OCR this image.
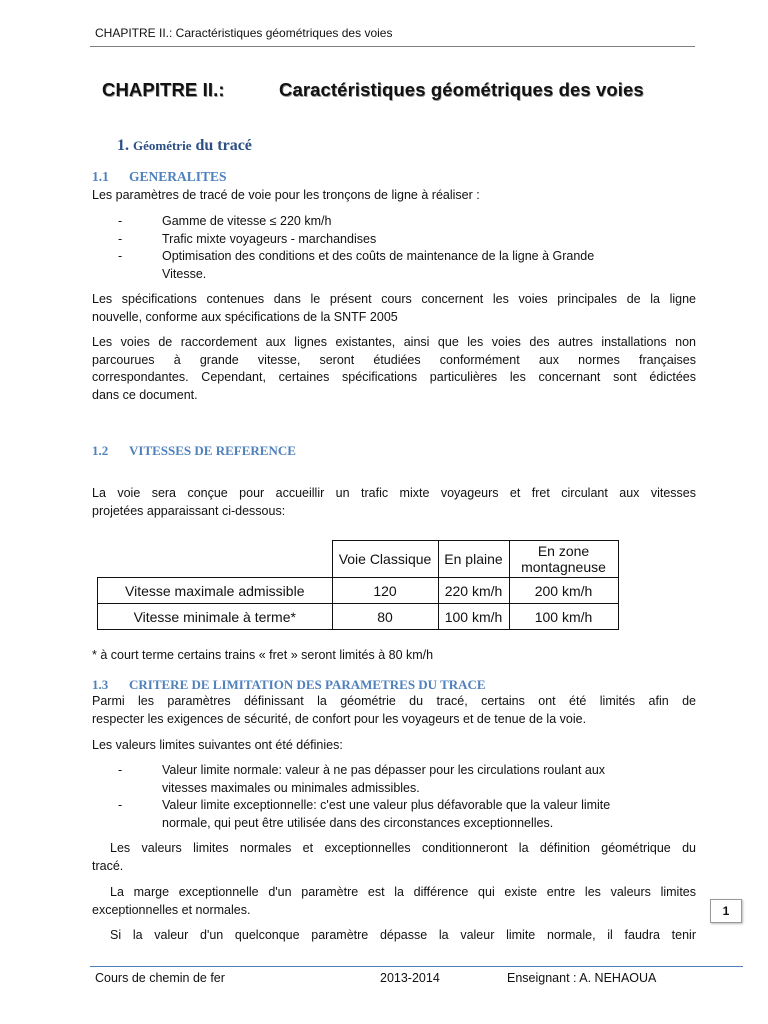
CHAPITRE II.: Caractéristiques géométriques des voies
CHAPITRE II.:	Caractéristiques géométriques des voies
1. Géométrie du tracé
1.1 GENERALITES
Les paramètres de tracé de voie pour les tronçons de ligne à réaliser :
-	Gamme de vitesse ≤ 220 km/h
-	Trafic mixte voyageurs - marchandises
-	Optimisation des conditions et des coûts de maintenance de la ligne à Grande
Vitesse.
Les spécifications contenues dans le présent cours concernent les voies principales de la ligne
nouvelle, conforme aux spécifications de la SNTF 2005
Les voies de raccordement aux lignes existantes, ainsi que les voies des autres installations non
parcourues à grande vitesse, seront étudiées conformément aux normes françaises
correspondantes. Cependant, certaines spécifications particulières les concernant sont édictées
dans ce document.
1.2 VITESSES DE REFERENCE
La voie sera conçue pour accueillir un trafic mixte voyageurs et fret circulant aux vitesses
projetées apparaissant ci-dessous:
	Voie Classique	En plaine	En zone
montagneuse

Vitesse maximale admissible	120	220 km/h	200 km/h
Vitesse minimale à terme*	80	100 km/h	100 km/h
* à court terme certains trains « fret » seront limités à 80 km/h
1.3 CRITERE DE LIMITATION DES PARAMETRES DU TRACE
Parmi les paramètres définissant la géométrie du tracé, certains ont été limités afin de
respecter les exigences de sécurité, de confort pour les voyageurs et de tenue de la voie.
Les valeurs limites suivantes ont été définies:
-	Valeur limite normale: valeur à ne pas dépasser pour les circulations roulant aux
vitesses maximales ou minimales admissibles.
-	Valeur limite exceptionnelle: c'est une valeur plus défavorable que la valeur limite
normale, qui peut être utilisée dans des circonstances exceptionnelles.
Les valeurs limites normales et exceptionnelles conditionneront la définition géométrique du
tracé.
La marge exceptionnelle d'un paramètre est la différence qui existe entre les valeurs limites
exceptionnelles et normales.
Si la valeur d'un quelconque paramètre dépasse la valeur limite normale, il faudra tenir
1
Cours de chemin de fer	2013-2014	Enseignant : A. NEHAOUA
